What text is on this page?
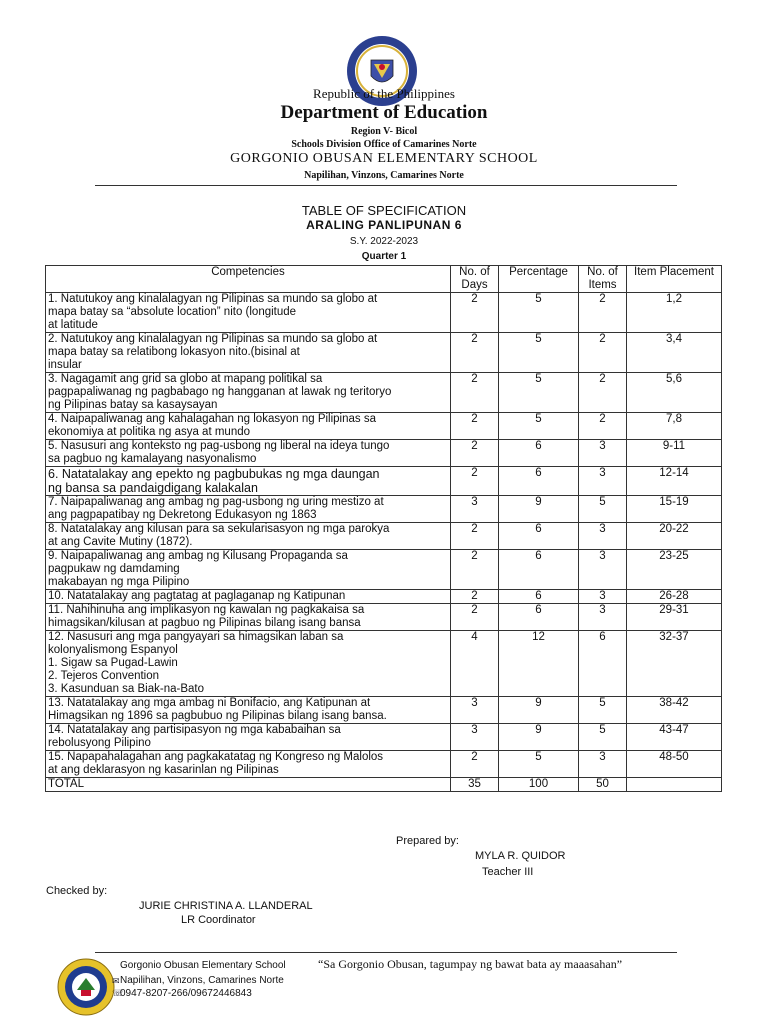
Republic of the Philippines
Department of Education
Region V- Bicol
Schools Division Office of Camarines Norte
GORGONIO OBUSAN ELEMENTARY SCHOOL
Napilihan, Vinzons, Camarines Norte
TABLE OF SPECIFICATION
ARALING PANLIPUNAN 6
S.Y. 2022-2023
Quarter 1
Competencies	No. of Days	Percentage	No. of Items	Item Placement
1. Natutukoy ang kinalalagyan ng Pilipinas sa mundo sa globo at
mapa batay sa “absolute location” nito (longitude
at latitude	2	5	2	1,2
2. Natutukoy ang kinalalagyan ng Pilipinas sa mundo sa globo at
mapa batay sa relatibong lokasyon nito.(bisinal at
insular	2	5	2	3,4
3. Nagagamit ang grid sa globo at mapang politikal sa
pagpapaliwanag ng pagbabago ng hangganan at lawak ng teritoryo
ng Pilipinas batay sa kasaysayan	2	5	2	5,6
4. Naipapaliwanag ang kahalagahan ng lokasyon ng Pilipinas sa
ekonomiya at politika ng asya at mundo	2	5	2	7,8
5. Nasusuri ang konteksto ng pag-usbong ng liberal na ideya tungo
sa pagbuo ng kamalayang nasyonalismo	2	6	3	9-11
6. Natatalakay ang epekto ng pagbubukas ng mga daungan
ng bansa sa pandaigdigang kalakalan	2	6	3	12-14
7. Naipapaliwanag ang ambag ng pag-usbong ng uring mestizo at
ang pagpapatibay ng Dekretong Edukasyon ng 1863	3	9	5	15-19
8. Natatalakay ang kilusan para sa sekularisasyon ng mga parokya
at ang Cavite Mutiny (1872).	2	6	3	20-22
9. Naipapaliwanag ang ambag ng Kilusang Propaganda sa
pagpukaw ng damdaming
makabayan ng mga Pilipino	2	6	3	23-25
10. Natatalakay ang pagtatag at paglaganap ng Katipunan	2	6	3	26-28
11. Nahihinuha ang implikasyon ng kawalan ng pagkakaisa sa
himagsikan/kilusan at pagbuo ng Pilipinas bilang isang bansa	2	6	3	29-31
12. Nasusuri ang mga pangyayari sa himagsikan laban sa
kolonyalismong Espanyol
1. Sigaw sa Pugad-Lawin
2. Tejeros Convention
3. Kasunduan sa Biak-na-Bato	4	12	6	32-37
13. Natatalakay ang mga ambag ni Bonifacio, ang Katipunan at
Himagsikan ng 1896 sa pagbubuo ng Pilipinas bilang isang bansa.	3	9	5	38-42
14. Natatalakay ang partisipasyon ng mga kababaihan sa
rebolusyong Pilipino	3	9	5	43-47
15. Napapahalagahan ang pagkakatatag ng Kongreso ng Malolos
at ang deklarasyon ng kasarinlan ng Pilipinas	2	5	3	48-50
TOTAL	35	100	50	
Prepared by:
MYLA R. QUIDOR
Teacher III
Checked by:
JURIE CHRISTINA A. LLANDERAL
LR Coordinator
Gorgonio Obusan Elementary School
✉ Napilihan, Vinzons, Camarines Norte
☏
0947-8207-266/09672446843
“Sa Gorgonio Obusan, tagumpay ng bawat bata ay maaasahan”
